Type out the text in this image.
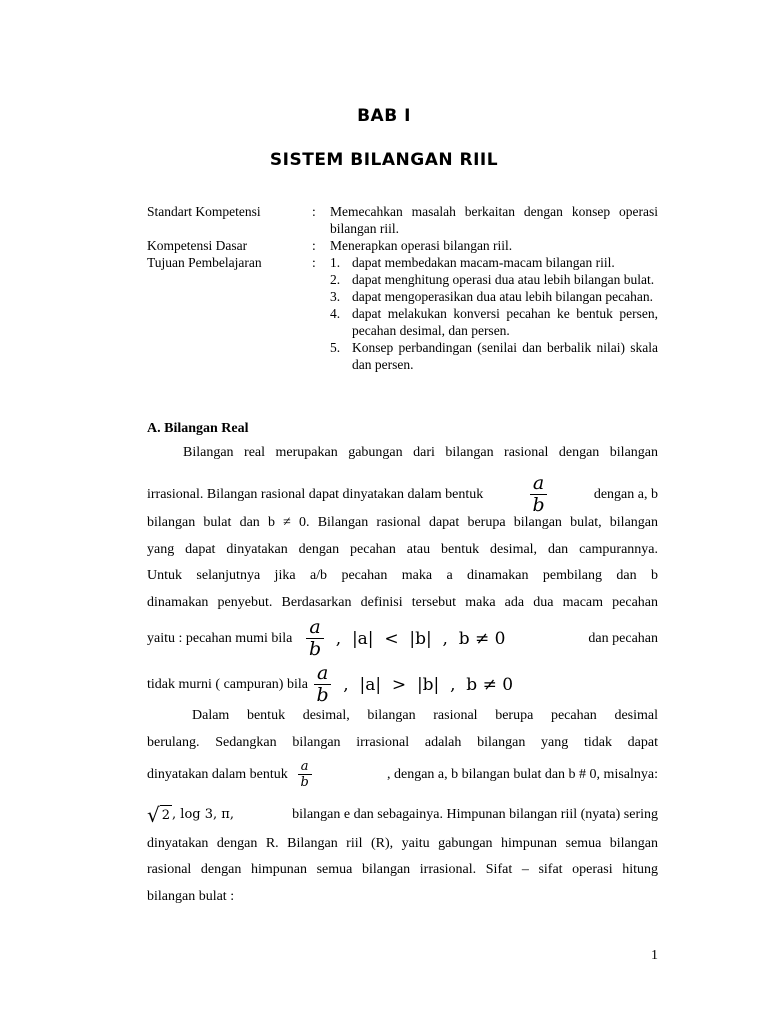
BAB I
SISTEM BILANGAN RIIL
Standart Kompetensi	: Memecahkan masalah berkaitan dengan konsep operasi bilangan riil.
Kompetensi Dasar	: Menerapkan operasi bilangan riil.
Tujuan Pembelajaran	: 1. dapat membedakan macam-macam bilangan riil.
2. dapat menghitung operasi dua atau lebih bilangan bulat.
3. dapat mengoperasikan dua atau lebih bilangan pecahan.
4. dapat melakukan konversi pecahan ke bentuk persen, pecahan desimal, dan persen.
5. Konsep perbandingan (senilai dan berbalik nilai) skala dan persen.
A. Bilangan Real
Bilangan real merupakan gabungan dari bilangan rasional dengan bilangan
irrasional. Bilangan rasional dapat dinyatakan dalam bentuk $\frac{a}{b}$	dengan a, b
bilangan bulat dan b ≠ 0. Bilangan rasional dapat berupa bilangan bulat, bilangan
yang dapat dinyatakan dengan pecahan atau bentuk desimal, dan campurannya.
Untuk selanjutnya jika a/b pecahan maka a dinamakan pembilang dan b
dinamakan penyebut. Berdasarkan definisi tersebut maka ada dua macam pecahan
yaitu : pecahan mumi bila $\frac{a}{b}$ ,  |a|  <  |b|  ,  b ≠ 0	dan pecahan
tidak murni ( campuran) bila $\frac{a}{b}$ ,  |a|  >  |b|  ,  b ≠ 0
Dalam bentuk desimal, bilangan rasional berupa pecahan desimal
berulang. Sedangkan bilangan irrasional adalah bilangan yang tidak dapat
dinyatakan dalam bentuk $\frac{a}{b}$	, dengan a, b bilangan bulat dan b # 0, misalnya:
√ 2 , log 3, π,	bilangan e dan sebagainya. Himpunan bilangan riil (nyata) sering
dinyatakan dengan R. Bilangan riil (R), yaitu gabungan himpunan semua bilangan
rasional dengan himpunan semua bilangan irrasional. Sifat – sifat operasi hitung
bilangan bulat :
1
